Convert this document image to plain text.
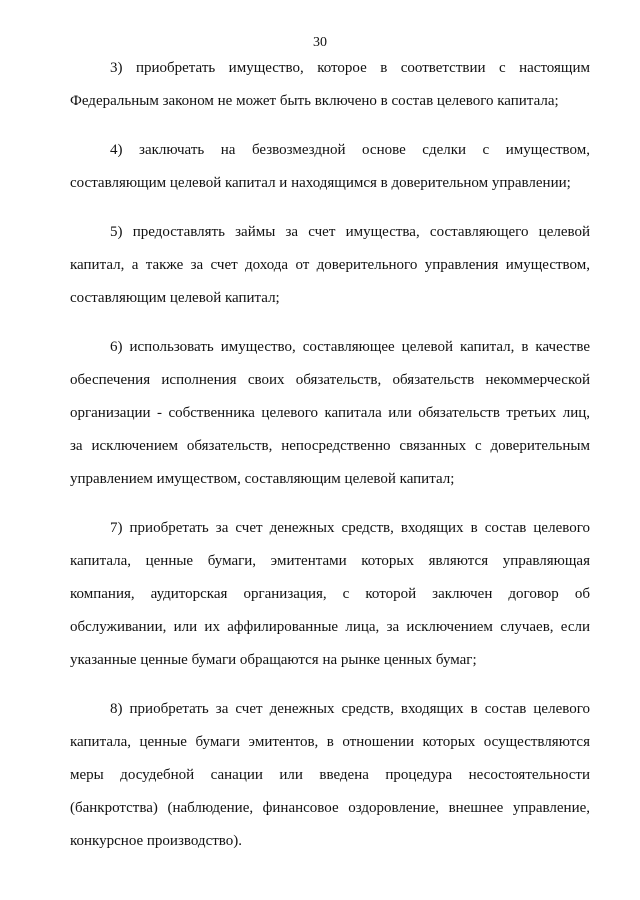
30

3) приобретать имущество, которое в соответствии с настоящим
Федеральным законом не может быть включено в состав целевого капитала;

4) заключать на безвозмездной основе сделки с имуществом,
составляющим целевой капитал и находящимся в доверительном управлении;

5) предоставлять займы за счет имущества, составляющего целевой
капитал, а также за счет дохода от доверительного управления имуществом,
составляющим целевой капитал;

6) использовать имущество, составляющее целевой капитал, в качестве
обеспечения исполнения своих обязательств, обязательств некоммерческой
организации - собственника целевого капитала или обязательств третьих лиц,
за исключением обязательств, непосредственно связанных с доверительным
управлением имуществом, составляющим целевой капитал;

7) приобретать за счет денежных средств, входящих в состав целевого
капитала, ценные бумаги, эмитентами которых являются управляющая
компания, аудиторская организация, с которой заключен договор об
обслуживании, или их аффилированные лица, за исключением случаев, если
указанные ценные бумаги обращаются на рынке ценных бумаг;

8) приобретать за счет денежных средств, входящих в состав целевого
капитала, ценные бумаги эмитентов, в отношении которых осуществляются
меры досудебной санации или введена процедура несостоятельности
(банкротства) (наблюдение, финансовое оздоровление, внешнее управление,
конкурсное производство).
